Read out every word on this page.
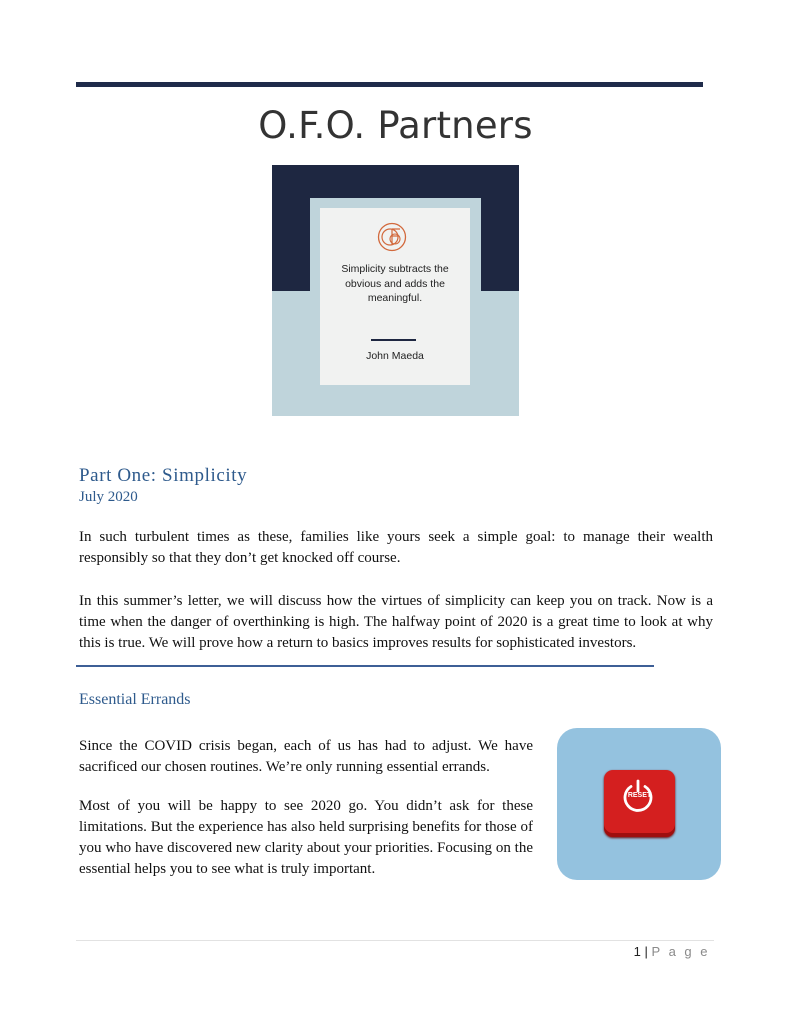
O.F.O. Partners
Simplicity subtracts the obvious and adds the meaningful.
John Maeda
Part One: Simplicity
July 2020
In such turbulent times as these, families like yours seek a simple goal: to manage their wealth responsibly so that they don’t get knocked off course.
In this summer’s letter, we will discuss how the virtues of simplicity can keep you on track. Now is a time when the danger of overthinking is high. The halfway point of 2020 is a great time to look at why this is true. We will prove how a return to basics improves results for sophisticated investors.
Essential Errands
Since the COVID crisis began, each of us has had to adjust. We have sacrificed our chosen routines. We’re only running essential errands.
Most of you will be happy to see 2020 go. You didn’t ask for these limitations. But the experience has also held surprising benefits for those of you who have discovered new clarity about your priorities. Focusing on the essential helps you to see what is truly important.
RESET
1 | P a g e
